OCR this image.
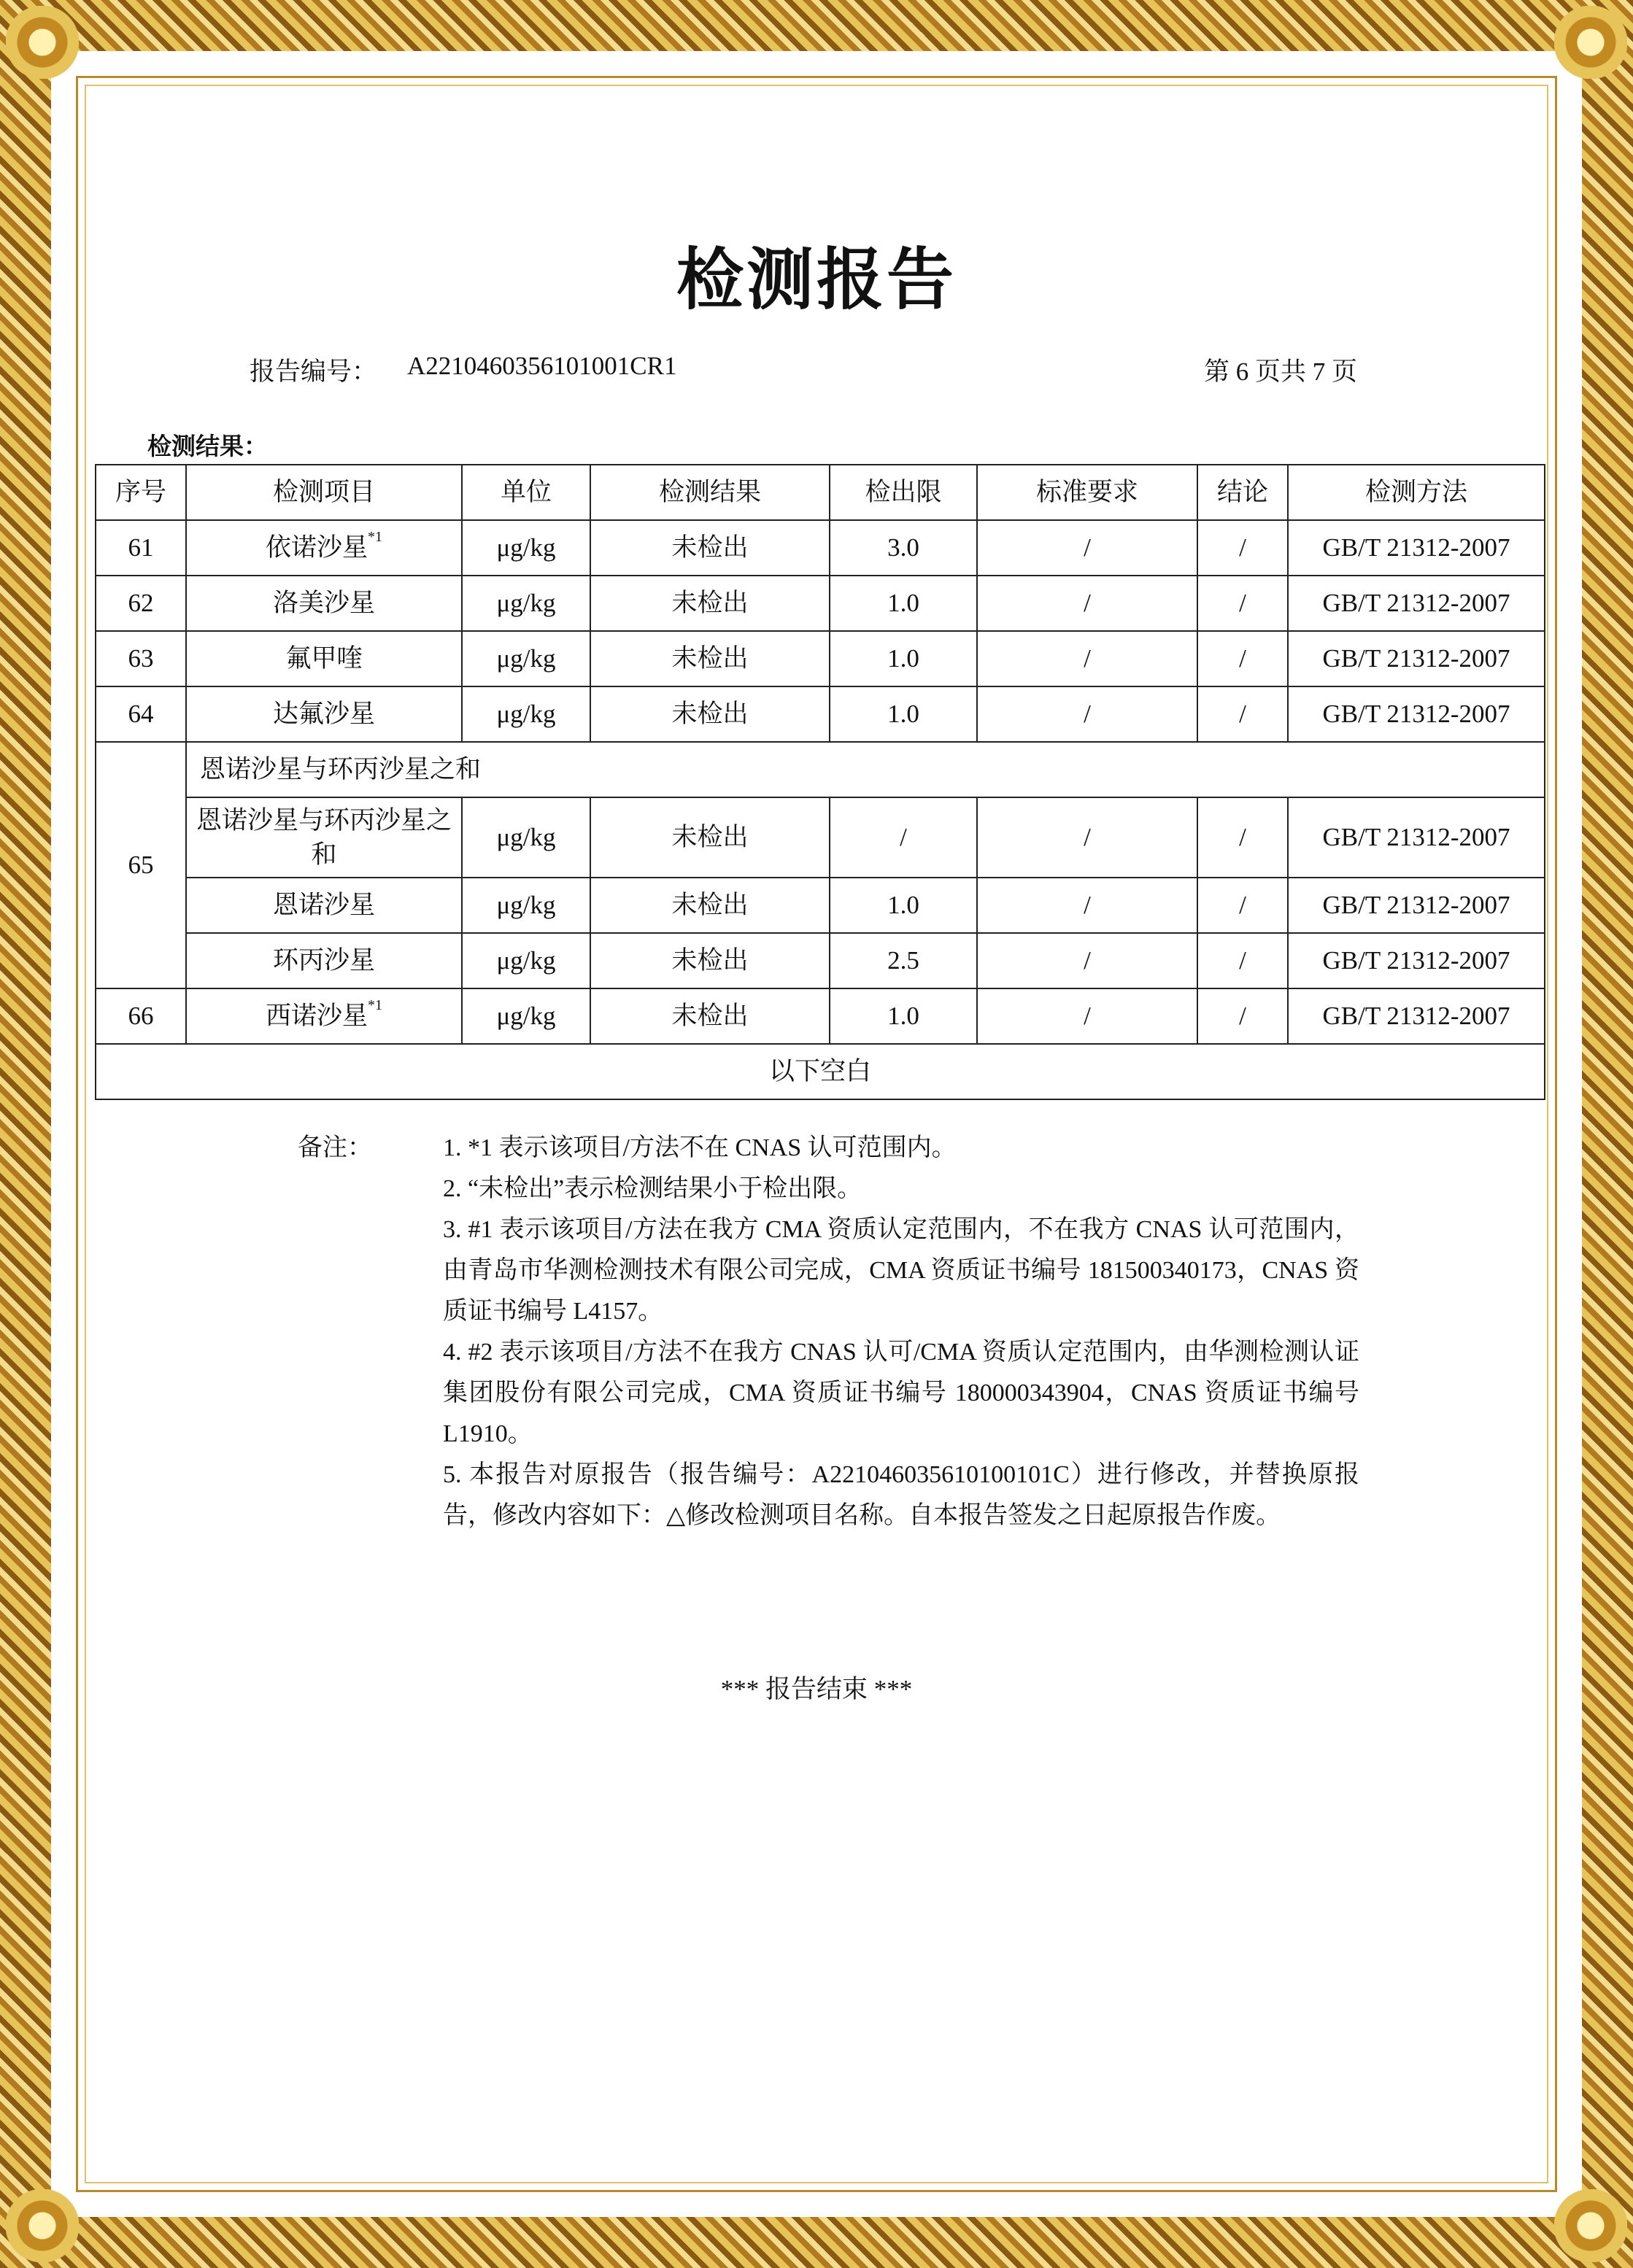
检测报告
报告编号： A2210460356101001CR1	第 6 页共 7 页
检测结果：
序号	检测项目	单位	检测结果	检出限	标准要求	结论	检测方法
61	依诺沙星$^{*1}$	μg/kg	未检出	3.0	/	/	GB/T 21312-2007
62	洛美沙星	μg/kg	未检出	1.0	/	/	GB/T 21312-2007
63	氟甲喹	μg/kg	未检出	1.0	/	/	GB/T 21312-2007
64	达氟沙星	μg/kg	未检出	1.0	/	/	GB/T 21312-2007
65	恩诺沙星与环丙沙星之和						
	恩诺沙星与环丙沙星之和	μg/kg	未检出	/	/	/	GB/T 21312-2007
	恩诺沙星	μg/kg	未检出	1.0	/	/	GB/T 21312-2007
	环丙沙星	μg/kg	未检出	2.5	/	/	GB/T 21312-2007
66	西诺沙星$^{*1}$	μg/kg	未检出	1.0	/	/	GB/T 21312-2007
以下空白							
备注：	1. *1 表示该项目/方法不在 CNAS 认可范围内。
2. “未检出”表示检测结果小于检出限。
3. #1 表示该项目/方法在我方 CMA 资质认定范围内，不在我方 CNAS 认可范围内，由青岛市华测检测技术有限公司完成，CMA 资质证书编号 181500340173，CNAS 资质证书编号 L4157。
4. #2 表示该项目/方法不在我方 CNAS 认可/CMA 资质认定范围内，由华测检测认证集团股份有限公司完成，CMA 资质证书编号 180000343904，CNAS 资质证书编号 L1910。
5. 本报告对原报告（报告编号：A221046035610100101C）进行修改，并替换原报告，修改内容如下：△修改检测项目名称。自本报告签发之日起原报告作废。
*** 报告结束 ***
